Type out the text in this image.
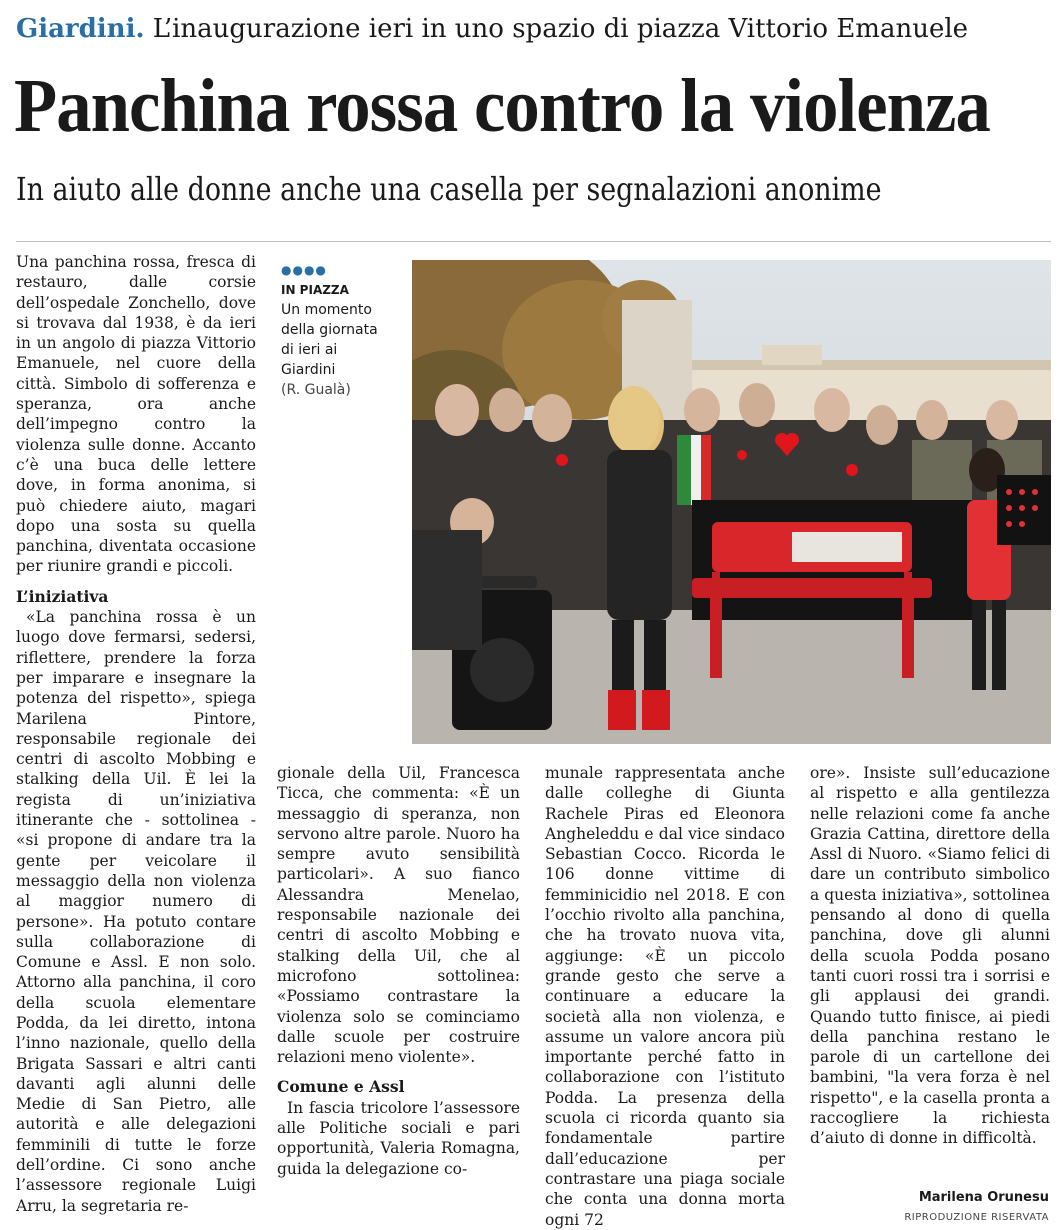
Giardini. L’inaugurazione ieri in uno spazio di piazza Vittorio Emanuele
Panchina rossa contro la violenza
In aiuto alle donne anche una casella per segnalazioni anonime

Una panchina rossa, fresca di restauro, dalle corsie dell’ospedale Zonchello, dove si trovava dal 1938, è da ieri in un angolo di piazza Vittorio Emanuele, nel cuore della città. Simbolo di sofferenza e speranza, ora anche dell’impegno contro la violenza sulle donne. Accanto c’è una buca delle lettere dove, in forma anonima, si può chiedere aiuto, magari dopo una sosta su quella panchina, diventata occasione per riunire grandi e piccoli.

L’iniziativa

«La panchina rossa è un luogo dove fermarsi, sedersi, riflettere, prendere la forza per imparare e insegnare la potenza del rispetto», spiega Marilena Pintore, responsabile regionale dei centri di ascolto Mobbing e stalking della Uil. È lei la regista di un’iniziativa itinerante che - sottolinea - «si propone di andare tra la gente per veicolare il messaggio della non violenza al maggior numero di persone». Ha potuto contare sulla collaborazione di Comune e Assl. E non solo. Attorno alla panchina, il coro della scuola elementare Podda, da lei diretto, intona l’inno nazionale, quello della Brigata Sassari e altri canti davanti agli alunni delle Medie di San Pietro, alle autorità e alle delegazioni femminili di tutte le forze dell’ordine. Ci sono anche l’assessore regionale Luigi Arru, la segretaria re-

●●●●
IN PIAZZA
Un momento della giornata di ieri ai Giardini
(R. Gualà)

gionale della Uil, Francesca Ticca, che commenta: «È un messaggio di speranza, non servono altre parole. Nuoro ha sempre avuto sensibilità particolari». A suo fianco Alessandra Menelao, responsabile nazionale dei centri di ascolto Mobbing e stalking della Uil, che al microfono sottolinea: «Possiamo contrastare la violenza solo se cominciamo dalle scuole per costruire relazioni meno violente».

Comune e Assl

In fascia tricolore l’assessore alle Politiche sociali e pari opportunità, Valeria Romagna, guida la delegazione co-

munale rappresentata anche dalle colleghe di Giunta Rachele Piras ed Eleonora Angheleddu e dal vice sindaco Sebastian Cocco. Ricorda le 106 donne vittime di femminicidio nel 2018. E con l’occhio rivolto alla panchina, che ha trovato nuova vita, aggiunge: «È un piccolo grande gesto che serve a continuare a educare la società alla non violenza, e assume un valore ancora più importante perché fatto in collaborazione con l’istituto Podda. La presenza della scuola ci ricorda quanto sia fondamentale partire dall’educazione per contrastare una piaga sociale che conta una donna morta ogni 72

ore». Insiste sull’educazione al rispetto e alla gentilezza nelle relazioni come fa anche Grazia Cattina, direttore della Assl di Nuoro. «Siamo felici di dare un contributo simbolico a questa iniziativa», sottolinea pensando al dono di quella panchina, dove gli alunni della scuola Podda posano tanti cuori rossi tra i sorrisi e gli applausi dei grandi. Quando tutto finisce, ai piedi della panchina restano le parole di un cartellone dei bambini, "la vera forza è nel rispetto", e la casella pronta a raccogliere la richiesta d’aiuto di donne in difficoltà.

Marilena Orunesu
RIPRODUZIONE RISERVATA
